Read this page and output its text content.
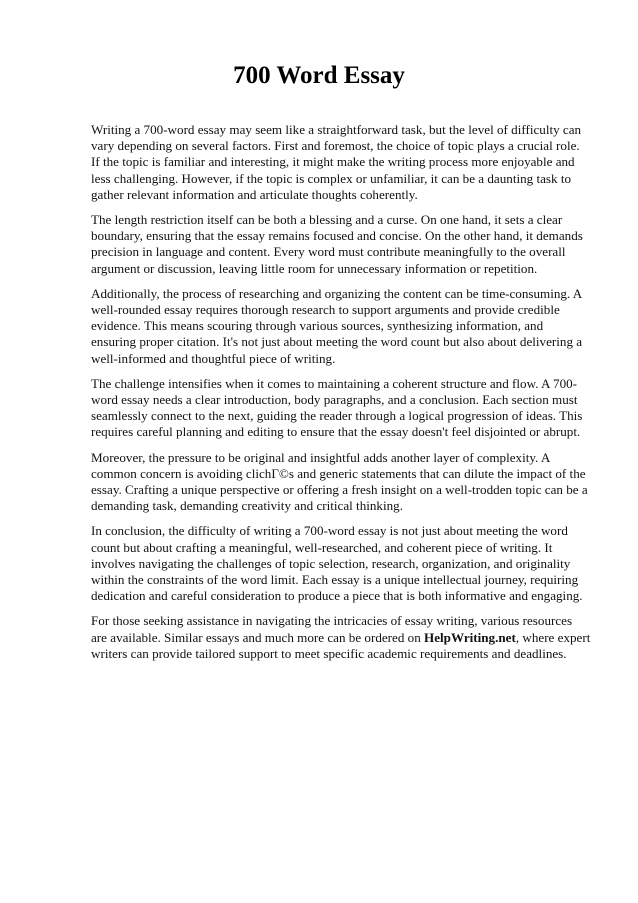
700 Word Essay

Writing a 700-word essay may seem like a straightforward task, but the level of difficulty can vary depending on several factors. First and foremost, the choice of topic plays a crucial role. If the topic is familiar and interesting, it might make the writing process more enjoyable and less challenging. However, if the topic is complex or unfamiliar, it can be a daunting task to gather relevant information and articulate thoughts coherently.

The length restriction itself can be both a blessing and a curse. On one hand, it sets a clear boundary, ensuring that the essay remains focused and concise. On the other hand, it demands precision in language and content. Every word must contribute meaningfully to the overall argument or discussion, leaving little room for unnecessary information or repetition.

Additionally, the process of researching and organizing the content can be time-consuming. A well-rounded essay requires thorough research to support arguments and provide credible evidence. This means scouring through various sources, synthesizing information, and ensuring proper citation. It's not just about meeting the word count but also about delivering a well-informed and thoughtful piece of writing.

The challenge intensifies when it comes to maintaining a coherent structure and flow. A 700-word essay needs a clear introduction, body paragraphs, and a conclusion. Each section must seamlessly connect to the next, guiding the reader through a logical progression of ideas. This requires careful planning and editing to ensure that the essay doesn't feel disjointed or abrupt.

Moreover, the pressure to be original and insightful adds another layer of complexity. A common concern is avoiding clichГ©s and generic statements that can dilute the impact of the essay. Crafting a unique perspective or offering a fresh insight on a well-trodden topic can be a demanding task, demanding creativity and critical thinking.

In conclusion, the difficulty of writing a 700-word essay is not just about meeting the word count but about crafting a meaningful, well-researched, and coherent piece of writing. It involves navigating the challenges of topic selection, research, organization, and originality within the constraints of the word limit. Each essay is a unique intellectual journey, requiring dedication and careful consideration to produce a piece that is both informative and engaging.

For those seeking assistance in navigating the intricacies of essay writing, various resources are available. Similar essays and much more can be ordered on HelpWriting.net, where expert writers can provide tailored support to meet specific academic requirements and deadlines.
